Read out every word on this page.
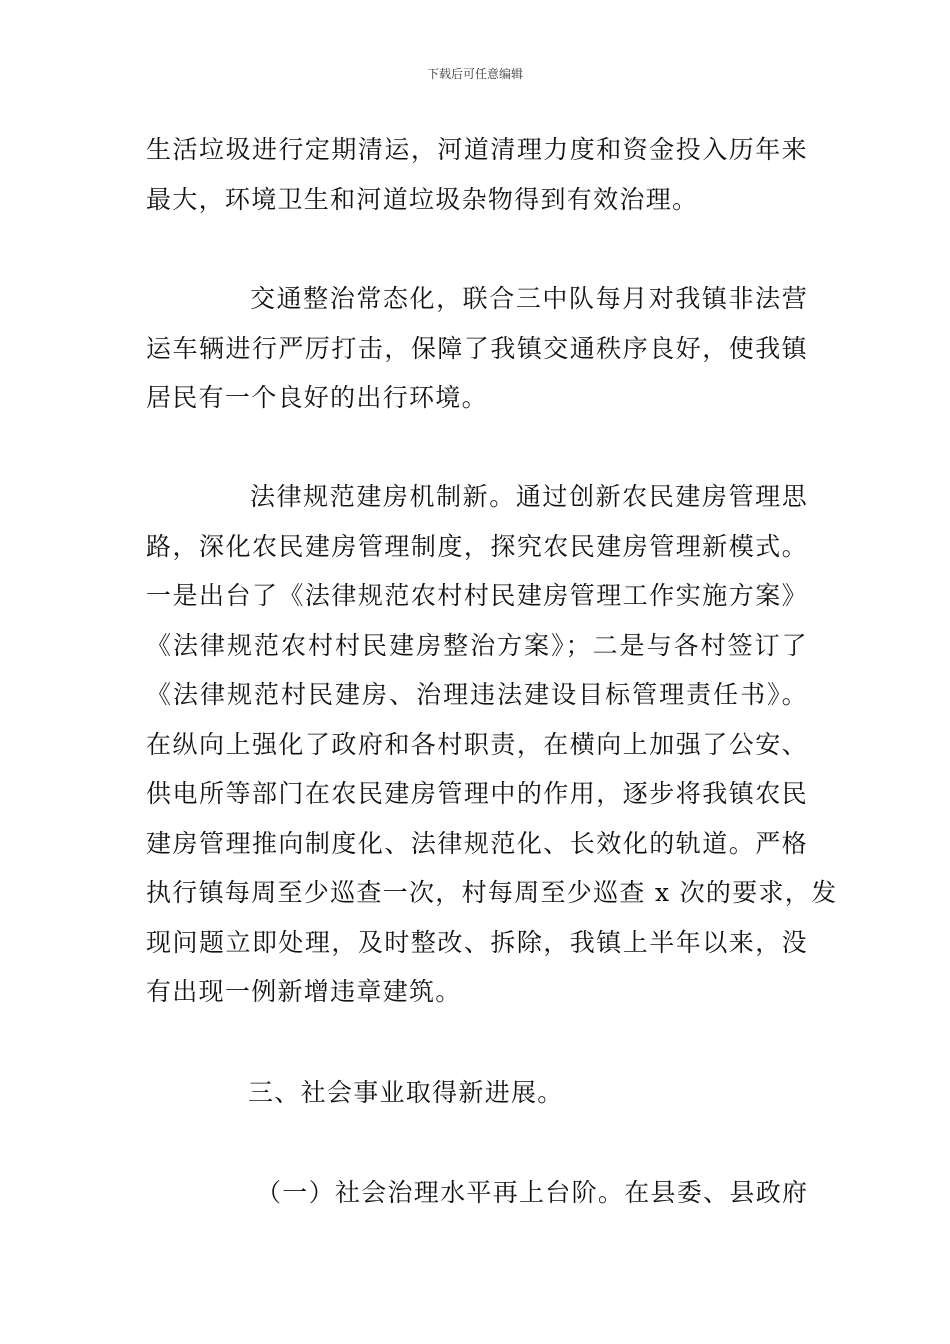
下载后可任意编辑
生活垃圾进行定期清运，河道清理力度和资金投入历年来
最大，环境卫生和河道垃圾杂物得到有效治理。
交通整治常态化，联合三中队每月对我镇非法营
运车辆进行严厉打击，保障了我镇交通秩序良好，使我镇
居民有一个良好的出行环境。
法律规范建房机制新。通过创新农民建房管理思
路，深化农民建房管理制度，探究农民建房管理新模式。
一是出台了《法律规范农村村民建房管理工作实施方案》
《法律规范农村村民建房整治方案》；二是与各村签订了
《法律规范村民建房、治理违法建设目标管理责任书》。
在纵向上强化了政府和各村职责，在横向上加强了公安、
供电所等部门在农民建房管理中的作用，逐步将我镇农民
建房管理推向制度化、法律规范化、长效化的轨道。严格
执行镇每周至少巡查一次，村每周至少巡查 x 次的要求，发
现问题立即处理，及时整改、拆除，我镇上半年以来，没
有出现一例新增违章建筑。
三、社会事业取得新进展。
（一）社会治理水平再上台阶。在县委、县政府
